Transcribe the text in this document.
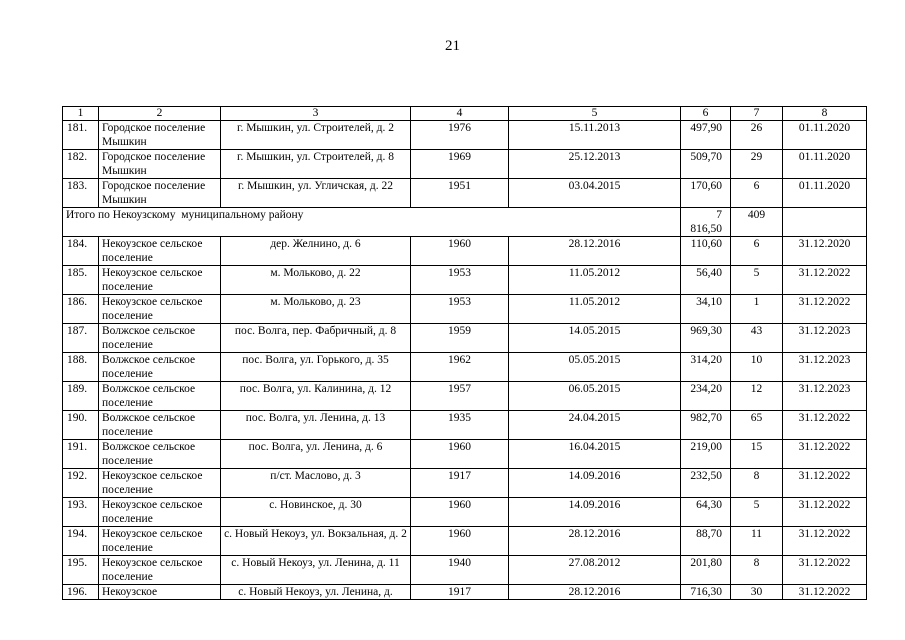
21
1	2	3	4	5	6	7	8
181.	Городское поселение Мышкин	г. Мышкин, ул. Строителей, д. 2	1976	15.11.2013	497,90	26	01.11.2020
182.	Городское поселение Мышкин	г. Мышкин, ул. Строителей, д. 8	1969	25.12.2013	509,70	29	01.11.2020
183.	Городское поселение Мышкин	г. Мышкин, ул. Угличская, д. 22	1951	03.04.2015	170,60	6	01.11.2020
Итого по Некоузскому  муниципальному району					7 816,50	409	
184.	Некоузское сельское поселение	дер. Желнино, д. 6	1960	28.12.2016	110,60	6	31.12.2020
185.	Некоузское сельское поселение	м. Мольково, д. 22	1953	11.05.2012	56,40	5	31.12.2022
186.	Некоузское сельское поселение	м. Мольково, д. 23	1953	11.05.2012	34,10	1	31.12.2022
187.	Волжское сельское поселение	пос. Волга, пер. Фабричный, д. 8	1959	14.05.2015	969,30	43	31.12.2023
188.	Волжское сельское поселение	пос. Волга, ул. Горького, д. 35	1962	05.05.2015	314,20	10	31.12.2023
189.	Волжское сельское поселение	пос. Волга, ул. Калинина, д. 12	1957	06.05.2015	234,20	12	31.12.2023
190.	Волжское сельское поселение	пос. Волга, ул. Ленина, д. 13	1935	24.04.2015	982,70	65	31.12.2022
191.	Волжское сельское поселение	пос. Волга, ул. Ленина, д. 6	1960	16.04.2015	219,00	15	31.12.2022
192.	Некоузское сельское поселение	п/ст. Маслово, д. 3	1917	14.09.2016	232,50	8	31.12.2022
193.	Некоузское сельское поселение	с. Новинское, д. 30	1960	14.09.2016	64,30	5	31.12.2022
194.	Некоузское сельское поселение	с. Новый Некоуз, ул. Вокзальная, д. 2	1960	28.12.2016	88,70	11	31.12.2022
195.	Некоузское сельское поселение	с. Новый Некоуз, ул. Ленина, д. 11	1940	27.08.2012	201,80	8	31.12.2022
196.	Некоузское	с. Новый Некоуз, ул. Ленина, д.	1917	28.12.2016	716,30	30	31.12.2022
